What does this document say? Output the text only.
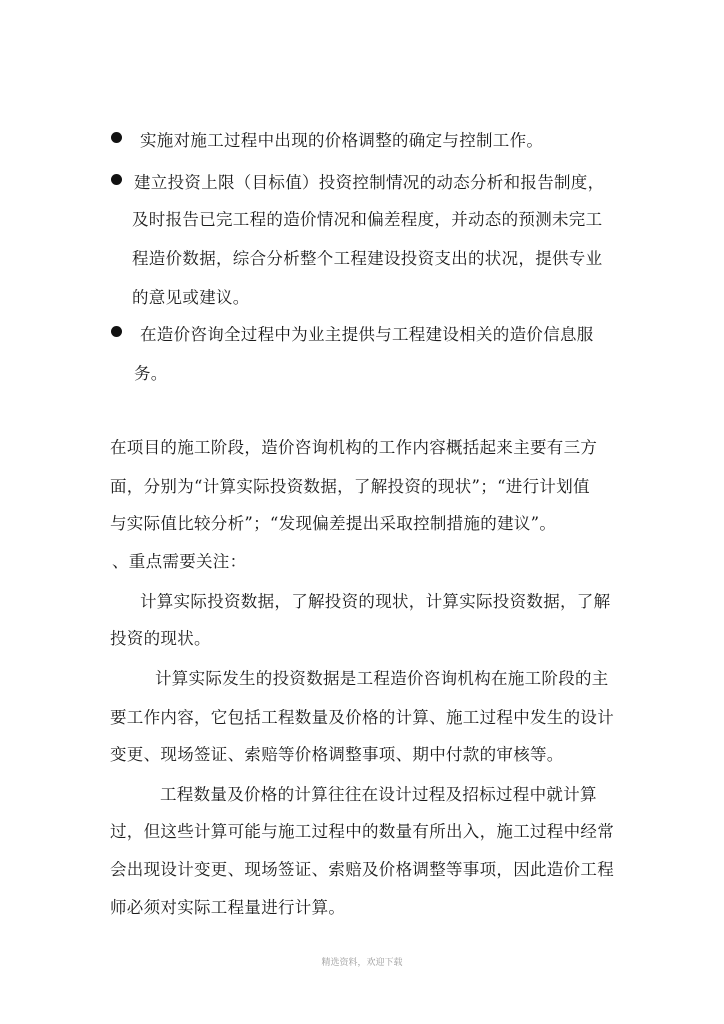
实施对施工过程中出现的价格调整的确定与控制工作。
建立投资上限（目标值）投资控制情况的动态分析和报告制度，
及时报告已完工程的造价情况和偏差程度，并动态的预测未完工
程造价数据，综合分析整个工程建设投资支出的状况，提供专业
的意见或建议。
在造价咨询全过程中为业主提供与工程建设相关的造价信息服
务。
在项目的施工阶段，造价咨询机构的工作内容概括起来主要有三方
面，分别为“计算实际投资数据，了解投资的现状”；“进行计划值
与实际值比较分析”；“发现偏差提出采取控制措施的建议”。
、重点需要关注：
计算实际投资数据，了解投资的现状，计算实际投资数据，了解
投资的现状。
计算实际发生的投资数据是工程造价咨询机构在施工阶段的主
要工作内容，它包括工程数量及价格的计算、施工过程中发生的设计
变更、现场签证、索赔等价格调整事项、期中付款的审核等。
工程数量及价格的计算往往在设计过程及招标过程中就计算
过，但这些计算可能与施工过程中的数量有所出入，施工过程中经常
会出现设计变更、现场签证、索赔及价格调整等事项，因此造价工程
师必须对实际工程量进行计算。
精选资料，欢迎下载
